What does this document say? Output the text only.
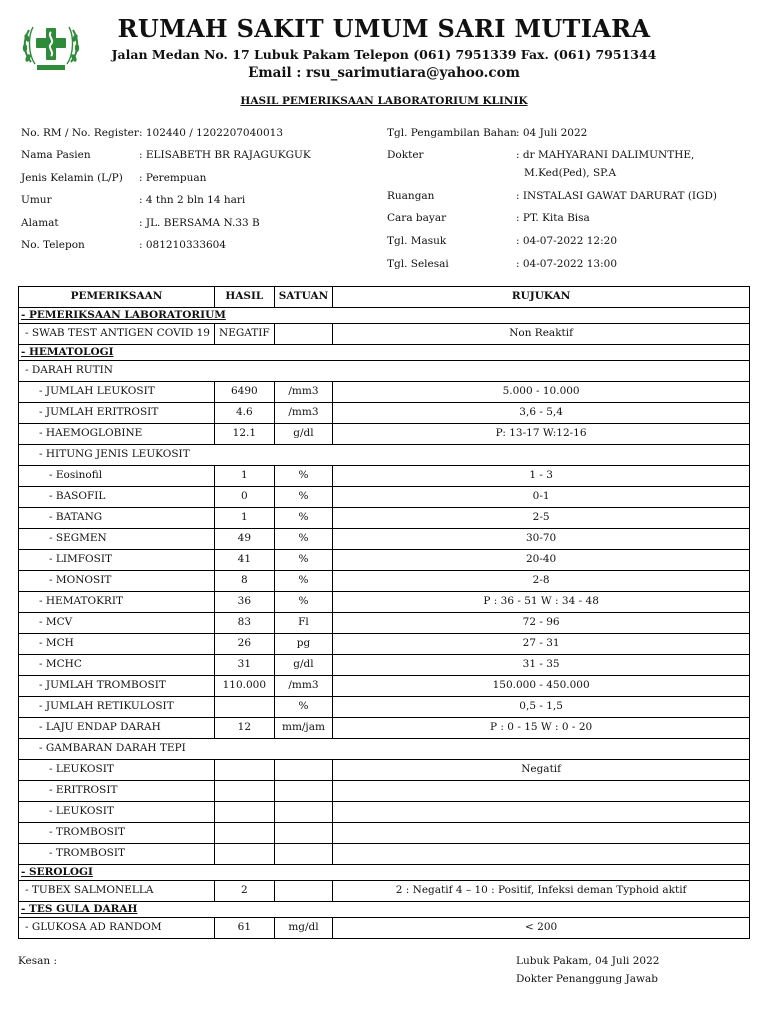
RUMAH SAKIT UMUM SARI MUTIARA
Jalan Medan No. 17 Lubuk Pakam Telepon (061) 7951339 Fax. (061) 7951344
Email : rsu_sarimutiara@yahoo.com
HASIL PEMERIKSAAN LABORATORIUM KLINIK
No. RM / No. Register : 102440 / 1202207040013
Nama Pasien	: ELISABETH BR RAJAGUKGUK
Jenis Kelamin (L/P) : Perempuan
Umur	: 4 thn 2 bln 14 hari
Alamat	: JL. BERSAMA N.33 B
No. Telepon	: 081210333604
Tgl. Pengambilan Bahan : 04 Juli 2022
Dokter	: dr MAHYARANI DALIMUNTHE,
M.Ked(Ped), SP.A
Ruangan	: INSTALASI GAWAT DARURAT (IGD)
Cara bayar	: PT. Kita Bisa
Tgl. Masuk	: 04-07-2022 12:20
Tgl. Selesai	: 04-07-2022 13:00
PEMERIKSAAN	HASIL	SATUAN	RUJUKAN
- PEMERIKSAAN LABORATORIUM			
- SWAB TEST ANTIGEN COVID 19	NEGATIF		Non Reaktif
- HEMATOLOGI			
- DARAH RUTIN			
- JUMLAH LEUKOSIT	6490	/mm3	5.000 - 10.000
- JUMLAH ERITROSIT	4.6	/mm3	3,6 - 5,4
- HAEMOGLOBINE	12.1	g/dl	P: 13-17 W:12-16
- HITUNG JENIS LEUKOSIT			
- Eosinofil	1	%	1 - 3
- BASOFIL	0	%	0-1
- BATANG	1	%	2-5
- SEGMEN	49	%	30-70
- LIMFOSIT	41	%	20-40
- MONOSIT	8	%	2-8
- HEMATOKRIT	36	%	P : 36 - 51 W : 34 - 48
- MCV	83	Fl	72 - 96
- MCH	26	pg	27 - 31
- MCHC	31	g/dl	31 - 35
- JUMLAH TROMBOSIT	110.000	/mm3	150.000 - 450.000
- JUMLAH RETIKULOSIT		%	0,5 - 1,5
- LAJU ENDAP DARAH	12	mm/jam	P : 0 - 15 W : 0 - 20
- GAMBARAN DARAH TEPI			
- LEUKOSIT			Negatif
- ERITROSIT			
- LEUKOSIT			
- TROMBOSIT			
- TROMBOSIT			
- SEROLOGI			
- TUBEX SALMONELLA	2		2 : Negatif 4 – 10 : Positif, Infeksi deman Typhoid aktif
- TES GULA DARAH			
- GLUKOSA AD RANDOM	61	mg/dl	< 200
Kesan :	Lubuk Pakam, 04 Juli 2022
Dokter Penanggung Jawab
